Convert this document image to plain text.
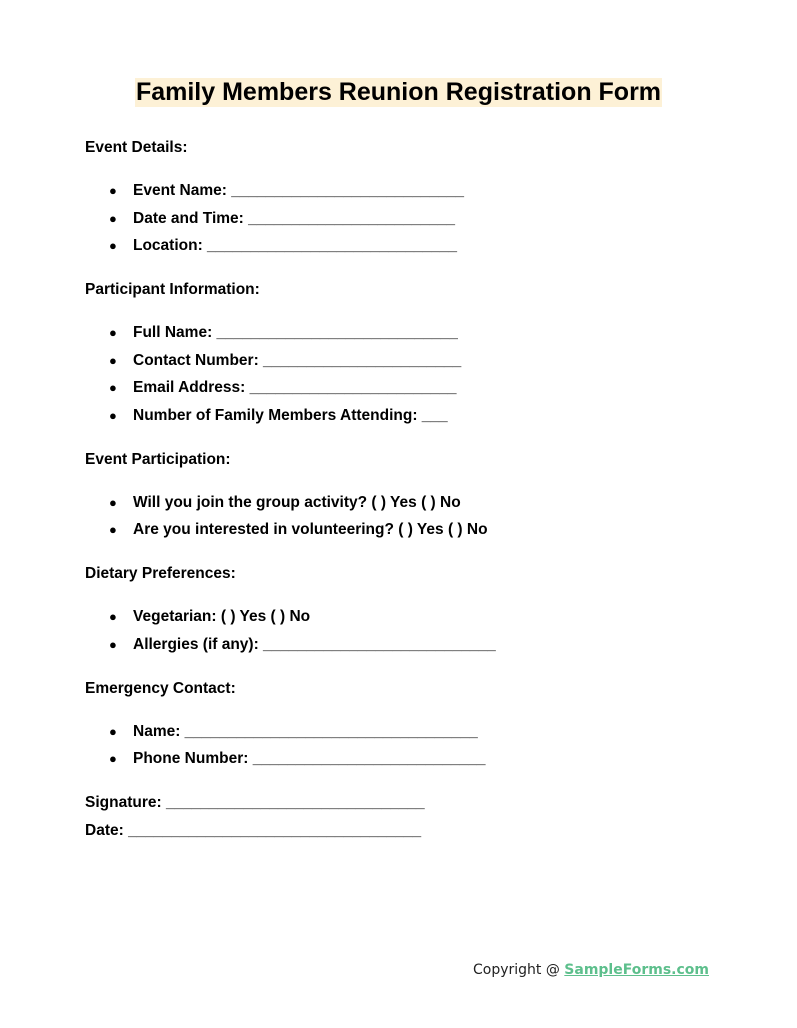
Family Members Reunion Registration Form
Event Details:
● Event Name: ___________________________
● Date and Time: ________________________
● Location: _____________________________
Participant Information:
● Full Name: ____________________________
● Contact Number: _______________________
● Email Address: ________________________
● Number of Family Members Attending: ___
Event Participation:
● Will you join the group activity? ( ) Yes ( ) No
● Are you interested in volunteering? ( ) Yes ( ) No
Dietary Preferences:
● Vegetarian: ( ) Yes ( ) No
● Allergies (if any): ___________________________
Emergency Contact:
● Name: __________________________________
● Phone Number: ___________________________
Signature: ______________________________
Date: __________________________________
Copyright @ SampleForms.com
